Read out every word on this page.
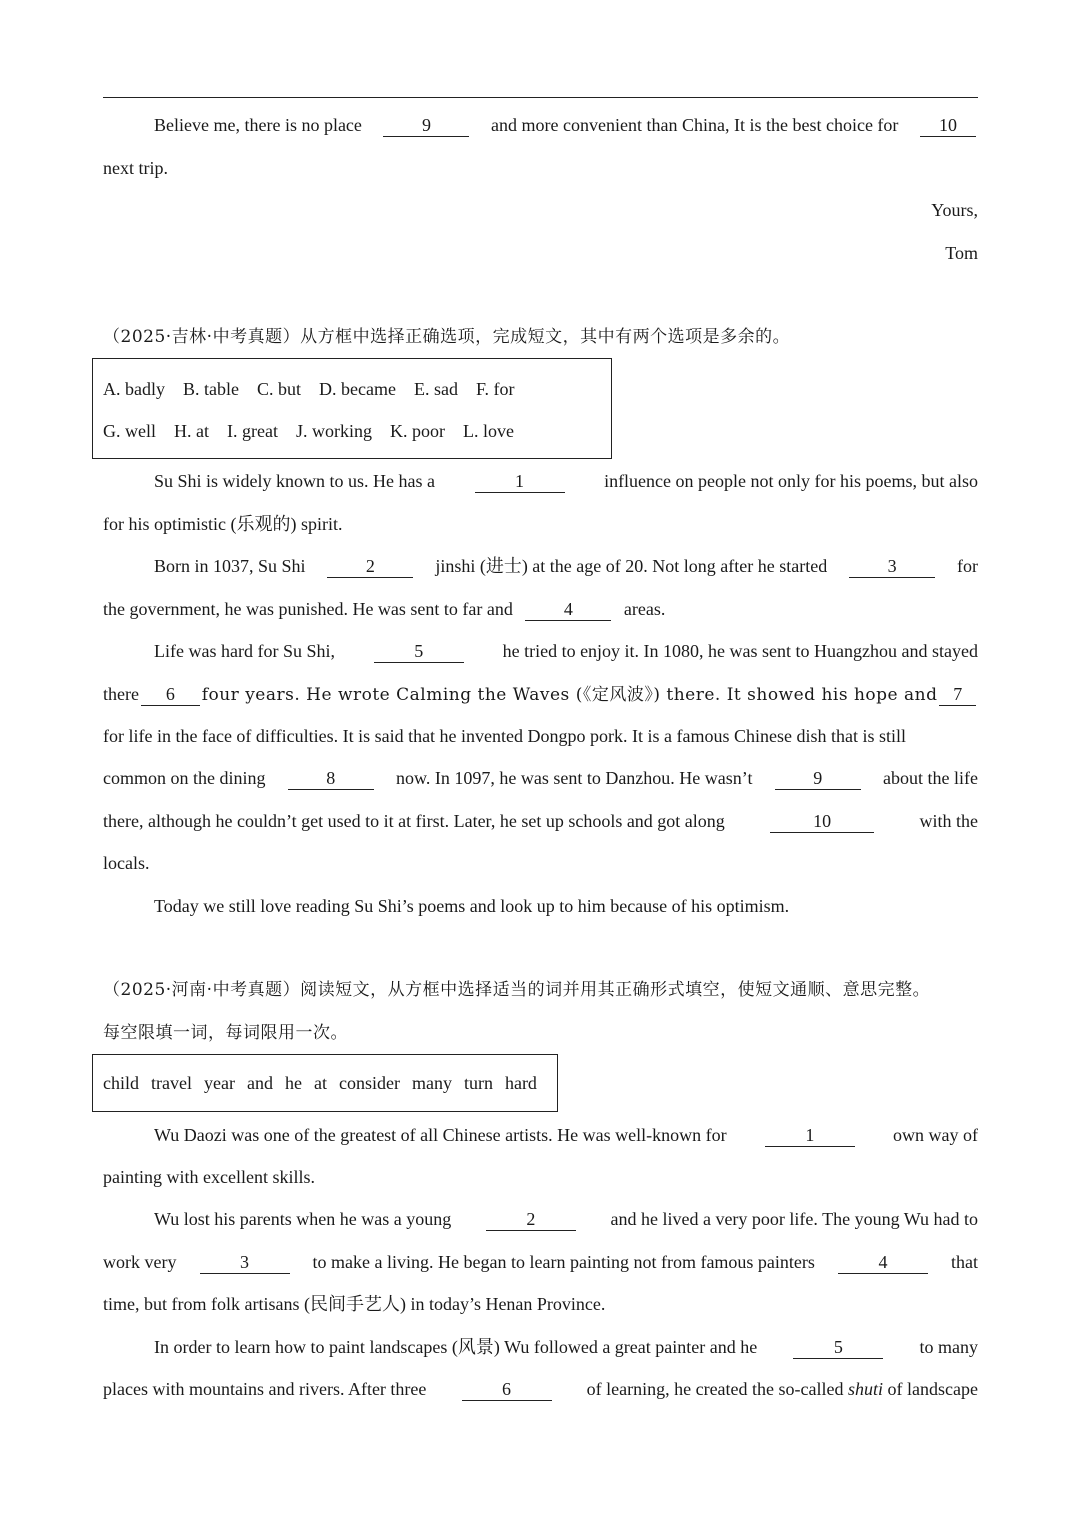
Believe me, there is no place	9	and more convenient than China, It is the best choice for	10
next trip.
Yours,
Tom
（2025·吉林·中考真题）从方框中选择正确选项，完成短文，其中有两个选项是多余的。
A. badly B. table C. but D. became E. sad F. for
G. well H. at I. great J. working K. poor L. love
Su Shi is widely known to us. He has a	1	influence on people not only for his poems, but also
for his optimistic (乐观的) spirit.
Born in 1037, Su Shi	2	jinshi (进士) at the age of 20. Not long after he started	3	for
the government, he was punished. He was sent to far and	4	areas.
Life was hard for Su Shi,	5	he tried to enjoy it. In 1080, he was sent to Huangzhou and stayed
there	6	four years. He wrote Calming the Waves (《定风波》) there. It showed his hope and 7
for life in the face of difficulties. It is said that he invented Dongpo pork. It is a famous Chinese dish that is still
common on the dining	8	now. In 1097, he was sent to Danzhou. He wasn’t	9	about the life
there, although he couldn’t get used to it at first. Later, he set up schools and got along	10	with the
locals.
Today we still love reading Su Shi’s poems and look up to him because of his optimism.
（2025·河南·中考真题）阅读短文，从方框中选择适当的词并用其正确形式填空，使短文通顺、意思完整。
每空限填一词，每词限用一次。
child travel year and he at consider many turn hard
Wu Daozi was one of the greatest of all Chinese artists. He was well-known for	1	own way of
painting with excellent skills.
Wu lost his parents when he was a young	2	and he lived a very poor life. The young Wu had to
work very	3	to make a living. He began to learn painting not from famous painters	4	that
time, but from folk artisans (民间手艺人) in today’s Henan Province.
In order to learn how to paint landscapes (风景) Wu followed a great painter and he	5	to many
places with mountains and rivers. After three	6	of learning, he created the so-called shuti of landscape
